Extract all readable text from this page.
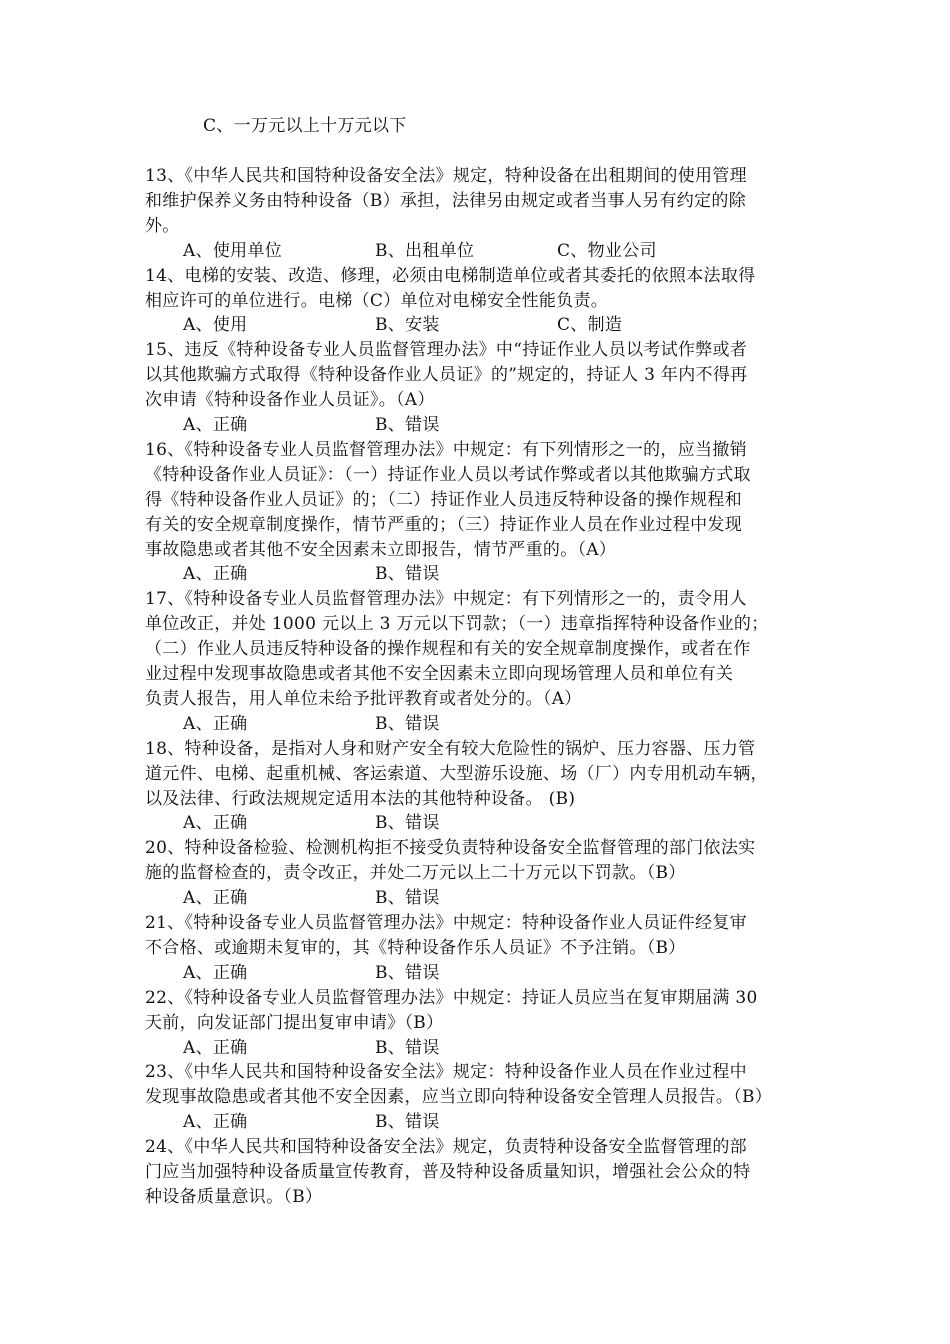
C、一万元以上十万元以下
13、《中华人民共和国特种设备安全法》规定，特种设备在出租期间的使用管理
和维护保养义务由特种设备（B）承担，法律另由规定或者当事人另有约定的除
外。
A、使用单位	B、出租单位	C、物业公司
14、电梯的安装、改造、修理，必须由电梯制造单位或者其委托的依照本法取得
相应许可的单位进行。电梯（C）单位对电梯安全性能负责。
A、使用	B、安装	C、制造
15、违反《特种设备专业人员监督管理办法》中“持证作业人员以考试作弊或者
以其他欺骗方式取得《特种设备作业人员证》的”规定的，持证人 3 年内不得再
次申请《特种设备作业人员证》。（A）
A、正确	B、错误
16、《特种设备专业人员监督管理办法》中规定：有下列情形之一的，应当撤销
《特种设备作业人员证》：（一）持证作业人员以考试作弊或者以其他欺骗方式取
得《特种设备作业人员证》的；（二）持证作业人员违反特种设备的操作规程和
有关的安全规章制度操作，情节严重的；（三）持证作业人员在作业过程中发现
事故隐患或者其他不安全因素未立即报告，情节严重的。（A）
A、正确	B、错误
17、《特种设备专业人员监督管理办法》中规定：有下列情形之一的，责令用人
单位改正，并处 1000 元以上 3 万元以下罚款；（一）违章指挥特种设备作业的；
（二）作业人员违反特种设备的操作规程和有关的安全规章制度操作，或者在作
业过程中发现事故隐患或者其他不安全因素未立即向现场管理人员和单位有关
负责人报告，用人单位未给予批评教育或者处分的。（A）
A、正确	B、错误
18、特种设备，是指对人身和财产安全有较大危险性的锅炉、压力容器、压力管
道元件、电梯、起重机械、客运索道、大型游乐设施、场（厂）内专用机动车辆，
以及法律、行政法规规定适用本法的其他特种设备。 (B)
A、正确	B、错误
20、特种设备检验、检测机构拒不接受负责特种设备安全监督管理的部门依法实
施的监督检查的，责令改正，并处二万元以上二十万元以下罚款。（B）
A、正确	B、错误
21、《特种设备专业人员监督管理办法》中规定：特种设备作业人员证件经复审
不合格、或逾期未复审的，其《特种设备作乐人员证》不予注销。（B）
A、正确	B、错误
22、《特种设备专业人员监督管理办法》中规定：持证人员应当在复审期届满 30
天前，向发证部门提出复审申请》（B）
A、正确	B、错误
23、《中华人民共和国特种设备安全法》规定：特种设备作业人员在作业过程中
发现事故隐患或者其他不安全因素，应当立即向特种设备安全管理人员报告。（B）
A、正确	B、错误
24、《中华人民共和国特种设备安全法》规定，负责特种设备安全监督管理的部
门应当加强特种设备质量宣传教育，普及特种设备质量知识，增强社会公众的特
种设备质量意识。（B）
